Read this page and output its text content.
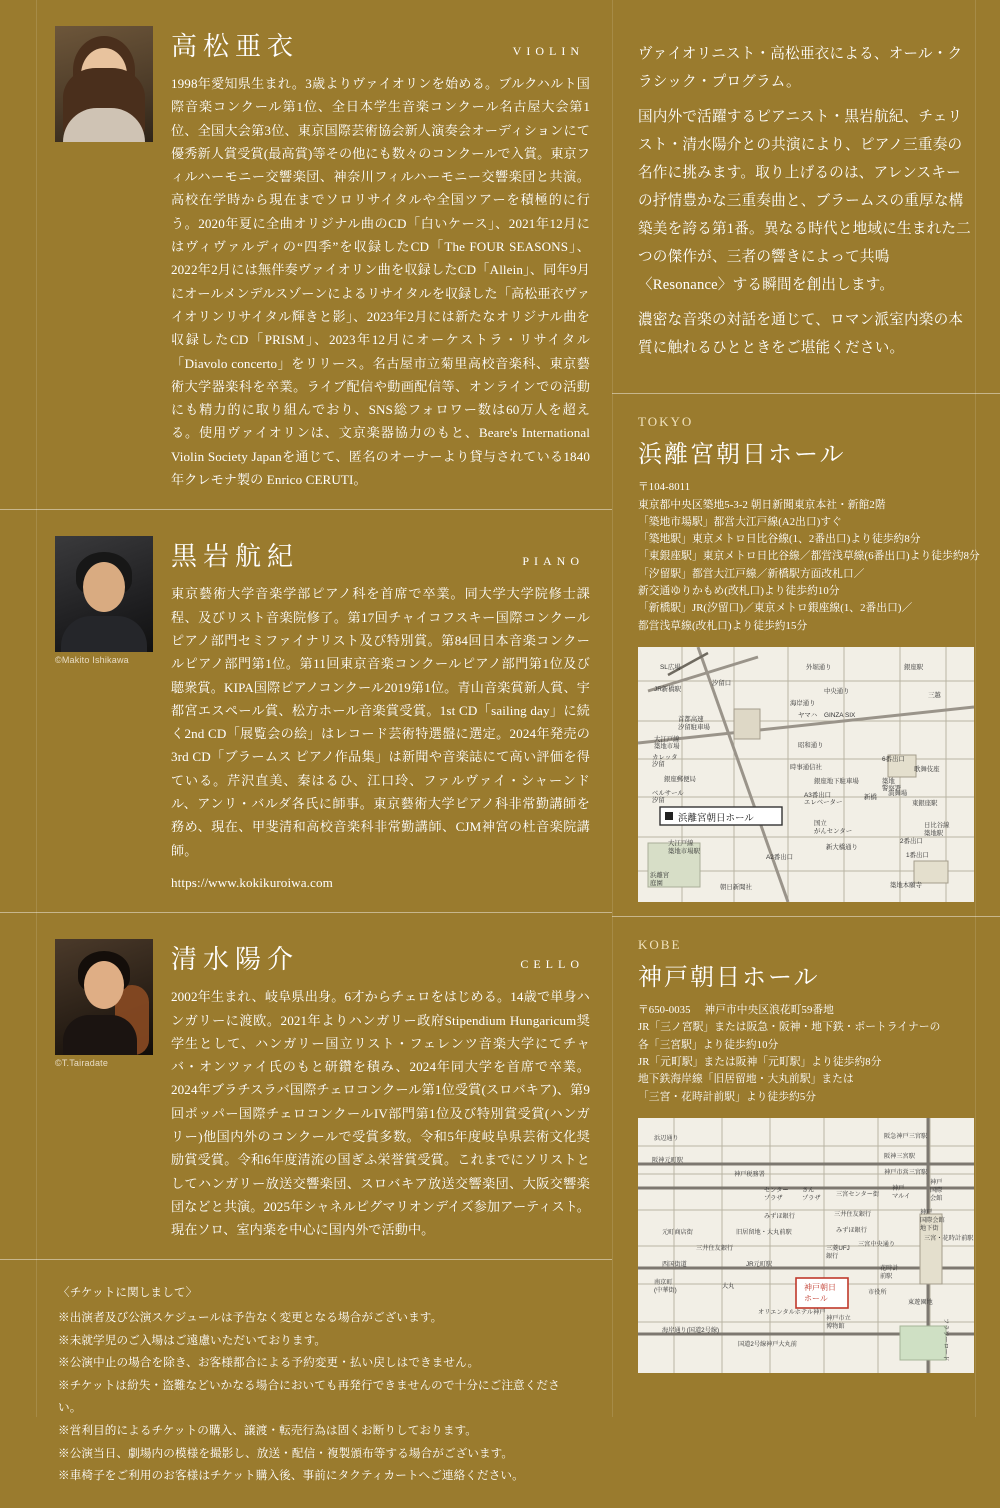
高松亜衣	VIOLIN
1998年愛知県生まれ。3歳よりヴァイオリンを始める。ブルクハルト国際音楽コンクール第1位、全日本学生音楽コンクール名古屋大会第1位、全国大会第3位、東京国際芸術協会新人演奏会オーディションにて優秀新人賞受賞(最高賞)等その他にも数々のコンクールで入賞。東京フィルハーモニー交響楽団、神奈川フィルハーモニー交響楽団と共演。高校在学時から現在までソロリサイタルや全国ツアーを積極的に行う。2020年夏に全曲オリジナル曲のCD「白いケース」、2021年12月にはヴィヴァルディの“四季”を収録したCD「The FOUR SEASONS」、2022年2月には無伴奏ヴァイオリン曲を収録したCD「Allein」、同年9月にオールメンデルスゾーンによるリサイタルを収録した「高松亜衣ヴァイオリンリサイタル輝きと影」、2023年2月には新たなオリジナル曲を収録したCD「PRISM」、2023年12月にオーケストラ・リサイタル「Diavolo concerto」をリリース。名古屋市立菊里高校音楽科、東京藝術大学器楽科を卒業。ライブ配信や動画配信等、オンラインでの活動にも精力的に取り組んでおり、SNS総フォロワー数は60万人を超える。使用ヴァイオリンは、文京楽器協力のもと、Beare's International Violin Society Japanを通じて、匿名のオーナーより貸与されている1840年クレモナ製の Enrico CERUTI。
©Makito Ishikawa
黒岩航紀	PIANO
東京藝術大学音楽学部ピアノ科を首席で卒業。同大学大学院修士課程、及びリスト音楽院修了。第17回チャイコフスキー国際コンクールピアノ部門セミファイナリスト及び特別賞。第84回日本音楽コンクールピアノ部門第1位。第11回東京音楽コンクールピアノ部門第1位及び聴衆賞。KIPA国際ピアノコンクール2019第1位。青山音楽賞新人賞、宇都宮エスペール賞、松方ホール音楽賞受賞。1st CD「sailing day」に続く2nd CD「展覧会の絵」はレコード芸術特選盤に選定。2024年発売の3rd CD「ブラームス ピアノ作品集」は新聞や音楽誌にて高い評価を得ている。芹沢直美、秦はるひ、江口玲、ファルヴァイ・シャーンドル、アンリ・バルダ各氏に師事。東京藝術大学ピアノ科非常勤講師を務め、現在、甲斐清和高校音楽科非常勤講師、CJM神宮の杜音楽院講師。
https://www.kokikuroiwa.com
©T.Tairadate
清水陽介	CELLO
2002年生まれ、岐阜県出身。6才からチェロをはじめる。14歳で単身ハンガリーに渡欧。2021年よりハンガリー政府Stipendium Hungaricum奨学生として、ハンガリー国立リスト・フェレンツ音楽大学にてチャバ・オンツァイ氏のもと研鑽を積み、2024年同大学を首席で卒業。2024年ブラチスラバ国際チェロコンクール第1位受賞(スロバキア)、第9回ポッパー国際チェロコンクールIV部門第1位及び特別賞受賞(ハンガリー)他国内外のコンクールで受賞多数。令和5年度岐阜県芸術文化奨励賞受賞。令和6年度清流の国ぎふ栄誉賞受賞。これまでにソリストとしてハンガリー放送交響楽団、スロバキア放送交響楽団、大阪交響楽団などと共演。2025年シャネルピグマリオンデイズ参加アーティスト。現在ソロ、室内楽を中心に国内外で活動中。
〈チケットに関しまして〉
※出演者及び公演スケジュールは予告なく変更となる場合がございます。
※未就学児のご入場はご遠慮いただいております。
※公演中止の場合を除き、お客様都合による予約変更・払い戻しはできません。
※チケットは紛失・盗難などいかなる場合においても再発行できませんので十分にご注意ください。
※営利目的によるチケットの購入、譲渡・転売行為は固くお断りしております。
※公演当日、劇場内の模様を撮影し、放送・配信・複製頒布等する場合がございます。
※車椅子をご利用のお客様はチケット購入後、事前にタクティカートへご連絡ください。

ヴァイオリニスト・高松亜衣による、オール・クラシック・プログラム。

国内外で活躍するピアニスト・黒岩航紀、チェリスト・清水陽介との共演により、ピアノ三重奏の名作に挑みます。取り上げるのは、アレンスキーの抒情豊かな三重奏曲と、ブラームスの重厚な構築美を誇る第1番。異なる時代と地域に生まれた二つの傑作が、三者の響きによって共鳴〈Resonance〉する瞬間を創出します。

濃密な音楽の対話を通じて、ロマン派室内楽の本質に触れるひとときをご堪能ください。

TOKYO
浜離宮朝日ホール
〒104-8011
東京都中央区築地5-3-2 朝日新聞東京本社・新館2階
「築地市場駅」都営大江戸線(A2出口)すぐ
「築地駅」東京メトロ日比谷線(1、2番出口)より徒歩約8分
「東銀座駅」東京メトロ日比谷線／都営浅草線(6番出口)より徒歩約8分
「汐留駅」都営大江戸線／新橋駅方面改札口／
新交通ゆりかもめ(改札口)より徒歩約10分
「新橋駅」JR(汐留口)／東京メトロ銀座線(1、2番出口)／
都営浅草線(改札口)より徒歩約15分
浜離宮朝日ホール
SL広場
JR新橋駅
汐留口
外堀通り
中央通り
銀座駅
三越
海岸通り
ヤマハ GINZA SIX
首都高速
汐留駐車場
大江戸線
築地市場
カレッタ
汐留
昭和通り
時事通信社
6番出口
銀座郵便局	銀座地下駐車場
歌舞伎座
ベルサール
汐留
A3番出口
エレベーター
新橋
演舞場
東銀座駅
築地
警察署
国立
がんセンター
日比谷線
築地駅
2番出口
大江戸線
築地市場駅
新大橋通り
1番出口
浜離宮
庭園
朝日新聞社
A2番出口
築地本願寺
KOBE
神戸朝日ホール
〒650-0035 神戸市中央区浪花町59番地
JR「三ノ宮駅」または阪急・阪神・地下鉄・ポートライナーの
各「三宮駅」より徒歩約10分
JR「元町駅」または阪神「元町駅」より徒歩約8分
地下鉄海岸線「旧居留地・大丸前駅」または
「三宮・花時計前駅」より徒歩約5分
神戸朝日
ホール
浜辺通り	阪急神戸三宮駅
阪神元町駅
阪神三宮駅
神戸市営三宮駅
神戸税務署
センター
プラザ
さん
プラザ
三宮センター街
神戸
マルイ
神戸
国際
会館
みずほ銀行	三井住友銀行	神戸
国際会館
地下街
元町商店街	旧居留地・大丸前駅	みずほ銀行
三宮中央通り
三宮・花時計前駅
三井住友銀行	三菱UFJ
銀行
西国街道	JR元町駅
花時計
前駅
南京町
(中華街)
大丸
市役所
東遊園地
オリエンタルホテル神戸
神戸市立
博物館
海岸通り(国道2号線)
国道2号線 神戸大丸前	フラワーロード
